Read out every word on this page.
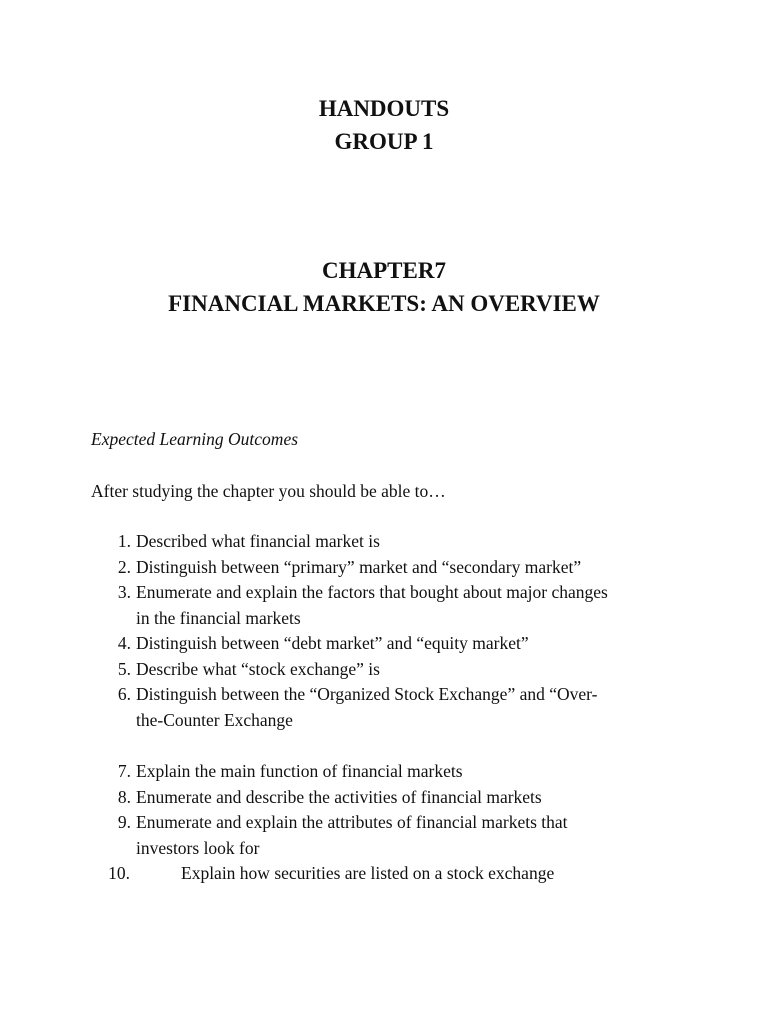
HANDOUTS
GROUP 1
CHAPTER7
FINANCIAL MARKETS: AN OVERVIEW

Expected Learning Outcomes

After studying the chapter you should be able to…

1. Described what financial market is
2. Distinguish between “primary” market and “secondary market”
3. Enumerate and explain the factors that bought about major changes
in the financial markets
4. Distinguish between “debt market” and “equity market”
5. Describe what “stock exchange” is
6. Distinguish between the “Organized Stock Exchange” and “Over-
the-Counter Exchange
7. Explain the main function of financial markets
8. Enumerate and describe the activities of financial markets
9. Enumerate and explain the attributes of financial markets that
investors look for
10.	Explain how securities are listed on a stock exchange
